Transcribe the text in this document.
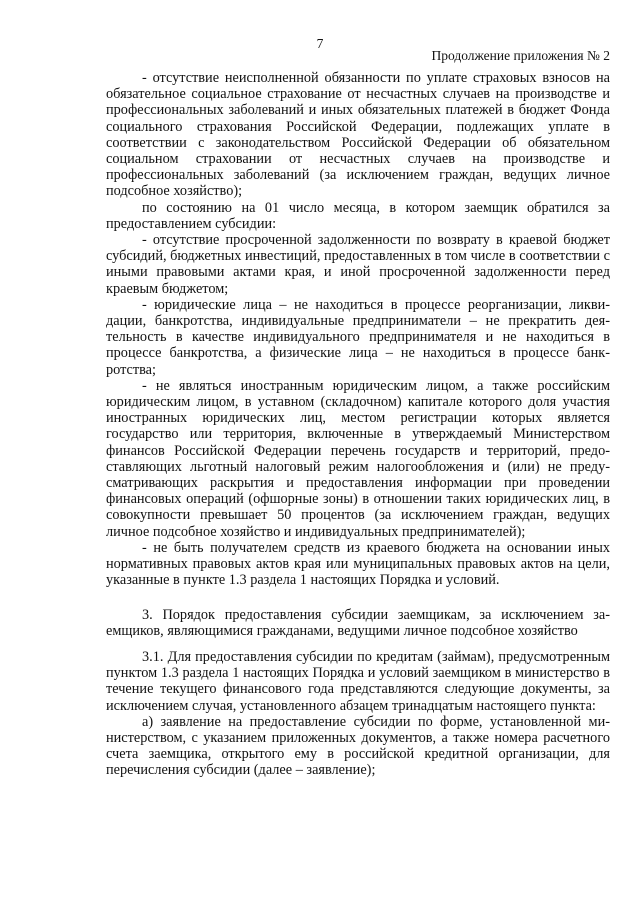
7
Продолжение приложения № 2

- отсутствие неисполненной обязанности по уплате страховых взносов на обязательное социальное страхование от несчастных случаев на производстве и профессиональных заболеваний и иных обязательных платежей в бюджет Фонда социального страхования Российской Федерации, подлежащих уплате в соответствии с законодательством Российской Федерации об обязательном социальном страховании от несчастных случаев на производстве и профессиональных заболеваний (за исключением граждан, ведущих личное подсобное хозяйство);

по состоянию на 01 число месяца, в котором заемщик обратился за предоставлением субсидии:

- отсутствие просроченной задолженности по возврату в краевой бюджет субсидий, бюджетных инвестиций, предоставленных в том числе в соответствии с иными правовыми актами края, и иной просроченной задолженности перед краевым бюджетом;

- юридические лица – не находиться в процессе реорганизации, ликвидации, банкротства, индивидуальные предприниматели – не прекратить деятельность в качестве индивидуального предпринимателя и не находиться в процессе банкротства, а физические лица – не находиться в процессе банкротства;

- не являться иностранным юридическим лицом, а также российским юридическим лицом, в уставном (складочном) капитале которого доля участия иностранных юридических лиц, местом регистрации которых является государство или территория, включенные в утверждаемый Министерством финансов Российской Федерации перечень государств и территорий, предоставляющих льготный налоговый режим налогообложения и (или) не предусматривающих раскрытия и предоставления информации при проведении финансовых операций (офшорные зоны) в отношении таких юридических лиц, в совокупности превышает 50 процентов (за исключением граждан, ведущих личное подсобное хозяйство и индивидуальных предпринимателей);

- не быть получателем средств из краевого бюджета на основании иных нормативных правовых актов края или муниципальных правовых актов на цели, указанные в пункте 1.3 раздела 1 настоящих Порядка и условий.

3. Порядок предоставления субсидии заемщикам, за исключением заемщиков, являющимися гражданами, ведущими личное подсобное хозяйство

3.1. Для предоставления субсидии по кредитам (займам), предусмотренным пунктом 1.3 раздела 1 настоящих Порядка и условий заемщиком в министерство в течение текущего финансового года представляются следующие документы, за исключением случая, установленного абзацем тринадцатым настоящего пункта:

а) заявление на предоставление субсидии по форме, установленной министерством, с указанием приложенных документов, а также номера расчетного счета заемщика, открытого ему в российской кредитной организации, для перечисления субсидии (далее – заявление);
